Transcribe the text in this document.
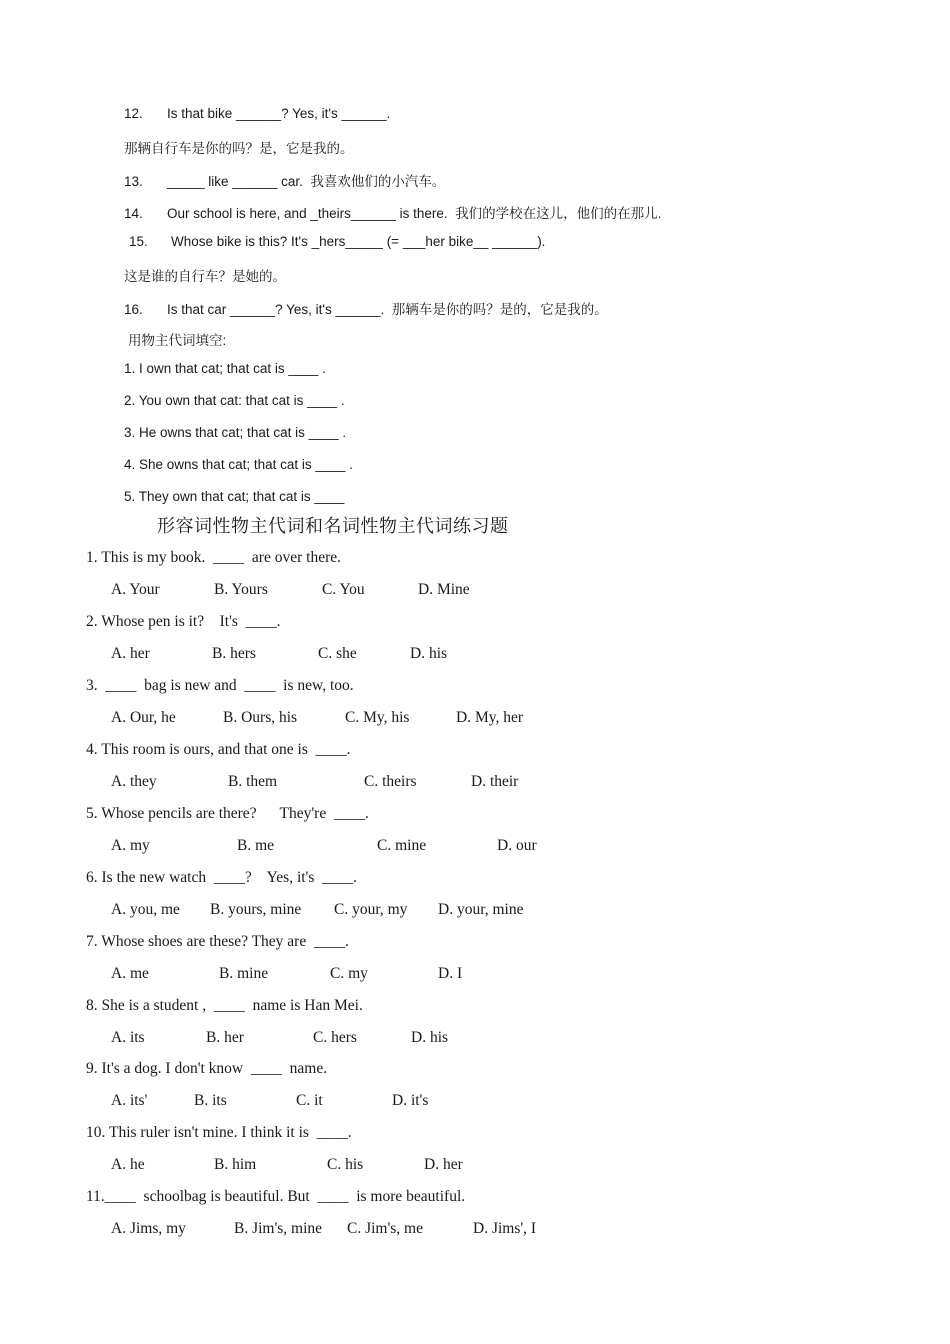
12. Is that bike ______? Yes, it's ______.
那辆自行车是你的吗？是，它是我的。
13. _____ like ______ car.  我喜欢他们的小汽车。
14. Our school is here, and _theirs______ is there.  我们的学校在这儿，他们的在那儿.
15. Whose bike is this? It's _hers_____ (= ___her bike__ ______).
这是谁的自行车？是她的。
16. Is that car ______? Yes, it's ______.  那辆车是你的吗？是的，它是我的。
用物主代词填空:
1. I own that cat; that cat is ____ .
2. You own that cat: that cat is ____ .
3. He owns that cat; that cat is ____ .
4. She owns that cat; that cat is ____ .
5. They own that cat; that cat is ____
形容词性物主代词和名词性物主代词练习题
1. This is my book.  ____  are over there.
A. Your	B. Yours	C. You	D. Mine
2. Whose pen is it?    It's  ____.
A. her	B. hers	C. she	D. his
3.  ____  bag is new and  ____  is new, too.
A. Our, he	B. Ours, his	C. My, his	D. My, her
4. This room is ours, and that one is  ____.
A. they	B. them	C. theirs	D. their
5. Whose pencils are there?      They're  ____.
A. my	B. me	C. mine	D. our
6. Is the new watch  ____?    Yes, it's  ____.
A. you, me B. yours, mine C. your, my D. your, mine
7. Whose shoes are these? They are  ____.
A. me	B. mine	C. my	D. I
8. She is a student ,  ____  name is Han Mei.
A. its	B. her	C. hers	D. his
9. It's a dog. I don't know  ____  name.
A. its'	B. its	C. it	D. it's
10. This ruler isn't mine. I think it is  ____.
A. he	B. him	C. his	D. her
11.____  schoolbag is beautiful. But  ____  is more beautiful.
A. Jims, my	B. Jim's, mine C. Jim's, me	D. Jims', I
